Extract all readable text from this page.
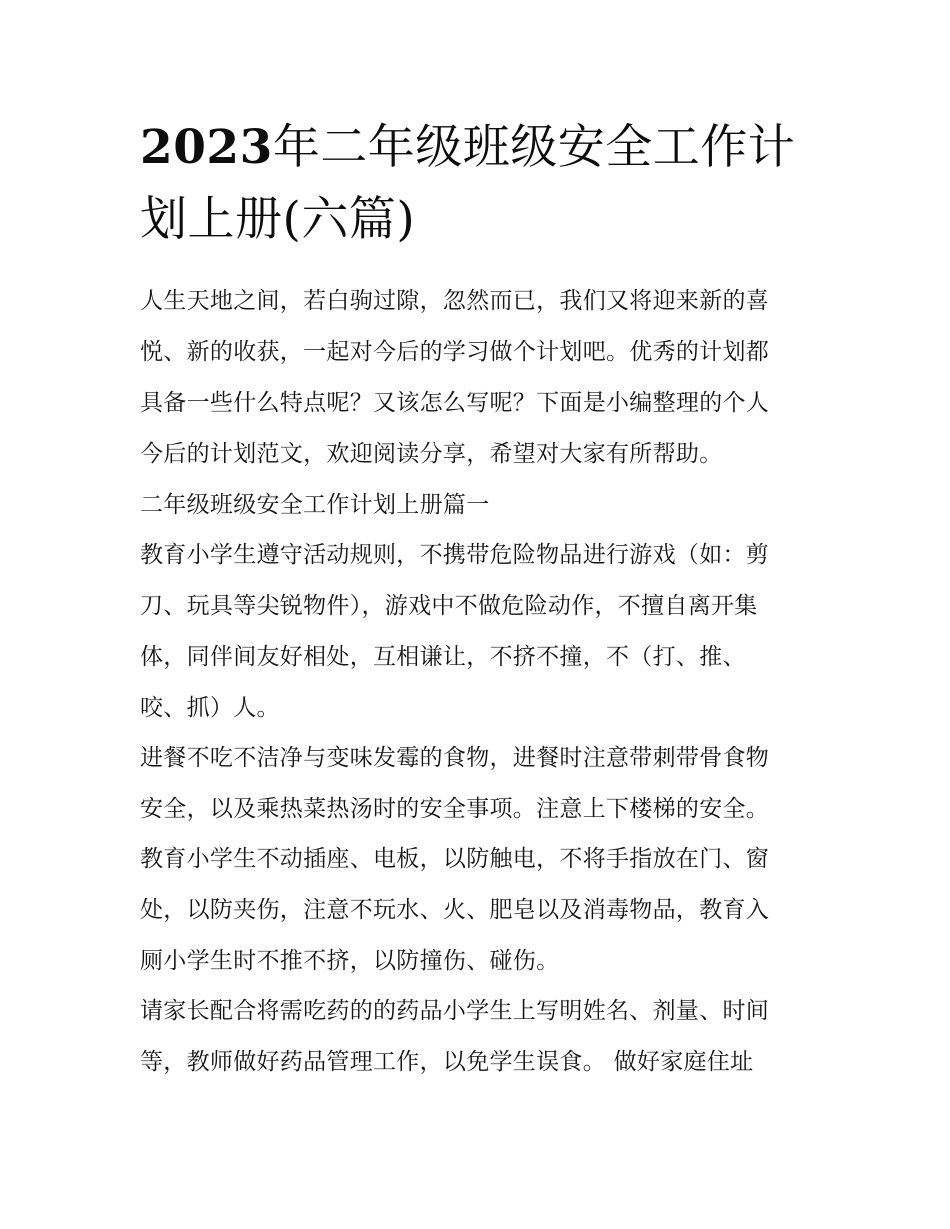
2023年二年级班级安全工作计
划上册(六篇)
人生天地之间，若白驹过隙，忽然而已，我们又将迎来新的喜
悦、新的收获，一起对今后的学习做个计划吧。优秀的计划都
具备一些什么特点呢？又该怎么写呢？下面是小编整理的个人
今后的计划范文，欢迎阅读分享，希望对大家有所帮助。
二年级班级安全工作计划上册篇一
教育小学生遵守活动规则，不携带危险物品进行游戏（如：剪
刀、玩具等尖锐物件），游戏中不做危险动作，不擅自离开集
体，同伴间友好相处，互相谦让，不挤不撞，不（打、推、
咬、抓）人。
进餐不吃不洁净与变味发霉的食物，进餐时注意带刺带骨食物
安全，以及乘热菜热汤时的安全事项。注意上下楼梯的安全。
教育小学生不动插座、电板，以防触电，不将手指放在门、窗
处，以防夹伤，注意不玩水、火、肥皂以及消毒物品，教育入
厕小学生时不推不挤，以防撞伤、碰伤。
请家长配合将需吃药的的药品小学生上写明姓名、剂量、时间
等，教师做好药品管理工作，以免学生误食。 做好家庭住址
